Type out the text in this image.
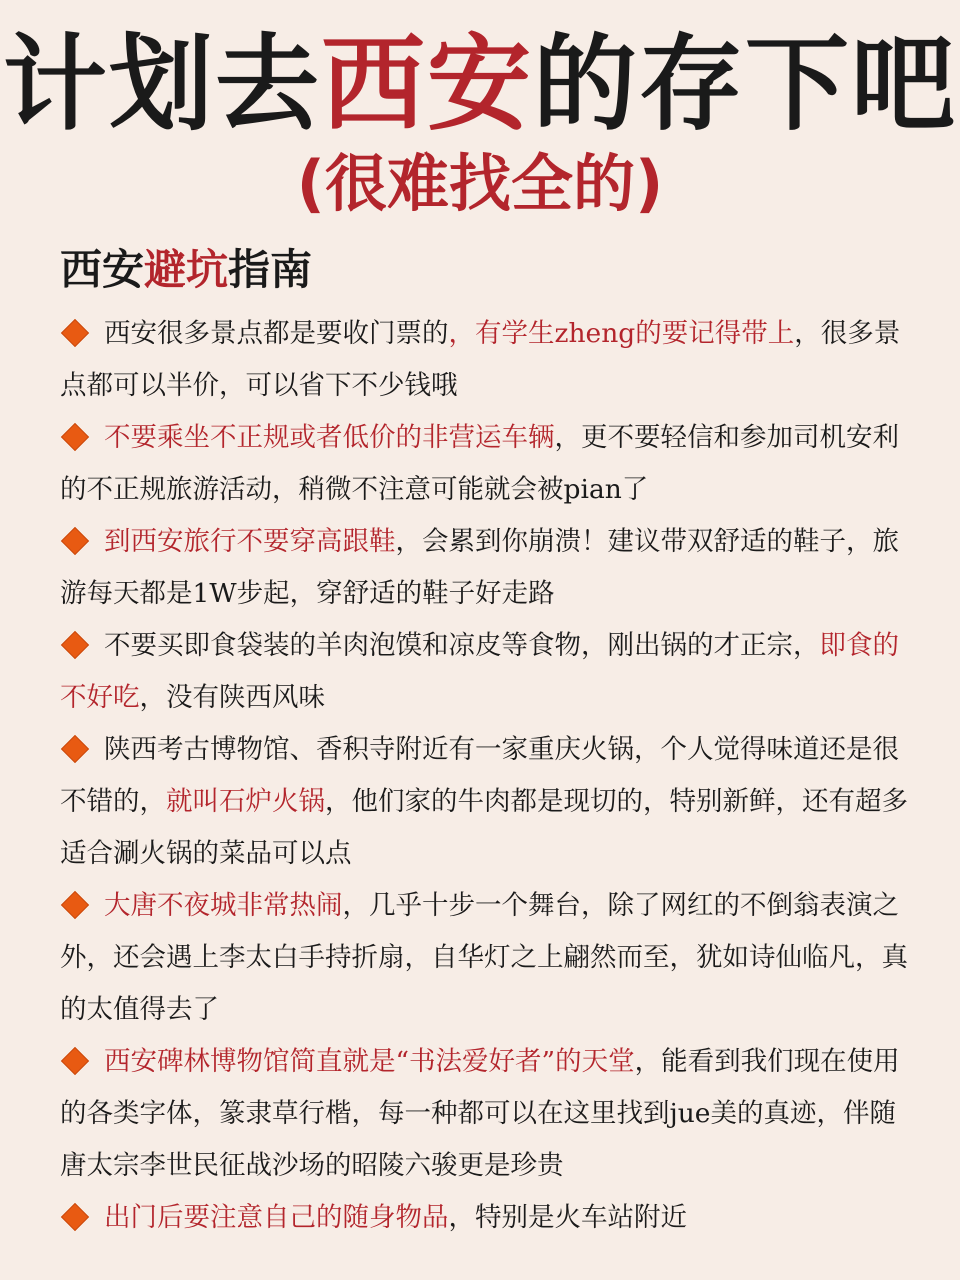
计划去西安的存下吧
(很难找全的)
西安避坑指南

西安很多景点都是要收门票的，有学生zheng的要记得带上，很多景点都可以半价，可以省下不少钱哦

不要乘坐不正规或者低价的非营运车辆，更不要轻信和参加司机安利的不正规旅游活动，稍微不注意可能就会被pian了

到西安旅行不要穿高跟鞋，会累到你崩溃！建议带双舒适的鞋子，旅游每天都是1W步起，穿舒适的鞋子好走路

不要买即食袋装的羊肉泡馍和凉皮等食物，刚出锅的才正宗，即食的不好吃，没有陕西风味

陕西考古博物馆、香积寺附近有一家重庆火锅，个人觉得味道还是很不错的，就叫石炉火锅，他们家的牛肉都是现切的，特别新鲜，还有超多适合涮火锅的菜品可以点

大唐不夜城非常热闹，几乎十步一个舞台，除了网红的不倒翁表演之外，还会遇上李太白手持折扇，自华灯之上翩然而至，犹如诗仙临凡，真的太值得去了

西安碑林博物馆简直就是“书法爱好者”的天堂，能看到我们现在使用的各类字体，篆隶草行楷，每一种都可以在这里找到jue美的真迹，伴随唐太宗李世民征战沙场的昭陵六骏更是珍贵

出门后要注意自己的随身物品，特别是火车站附近
